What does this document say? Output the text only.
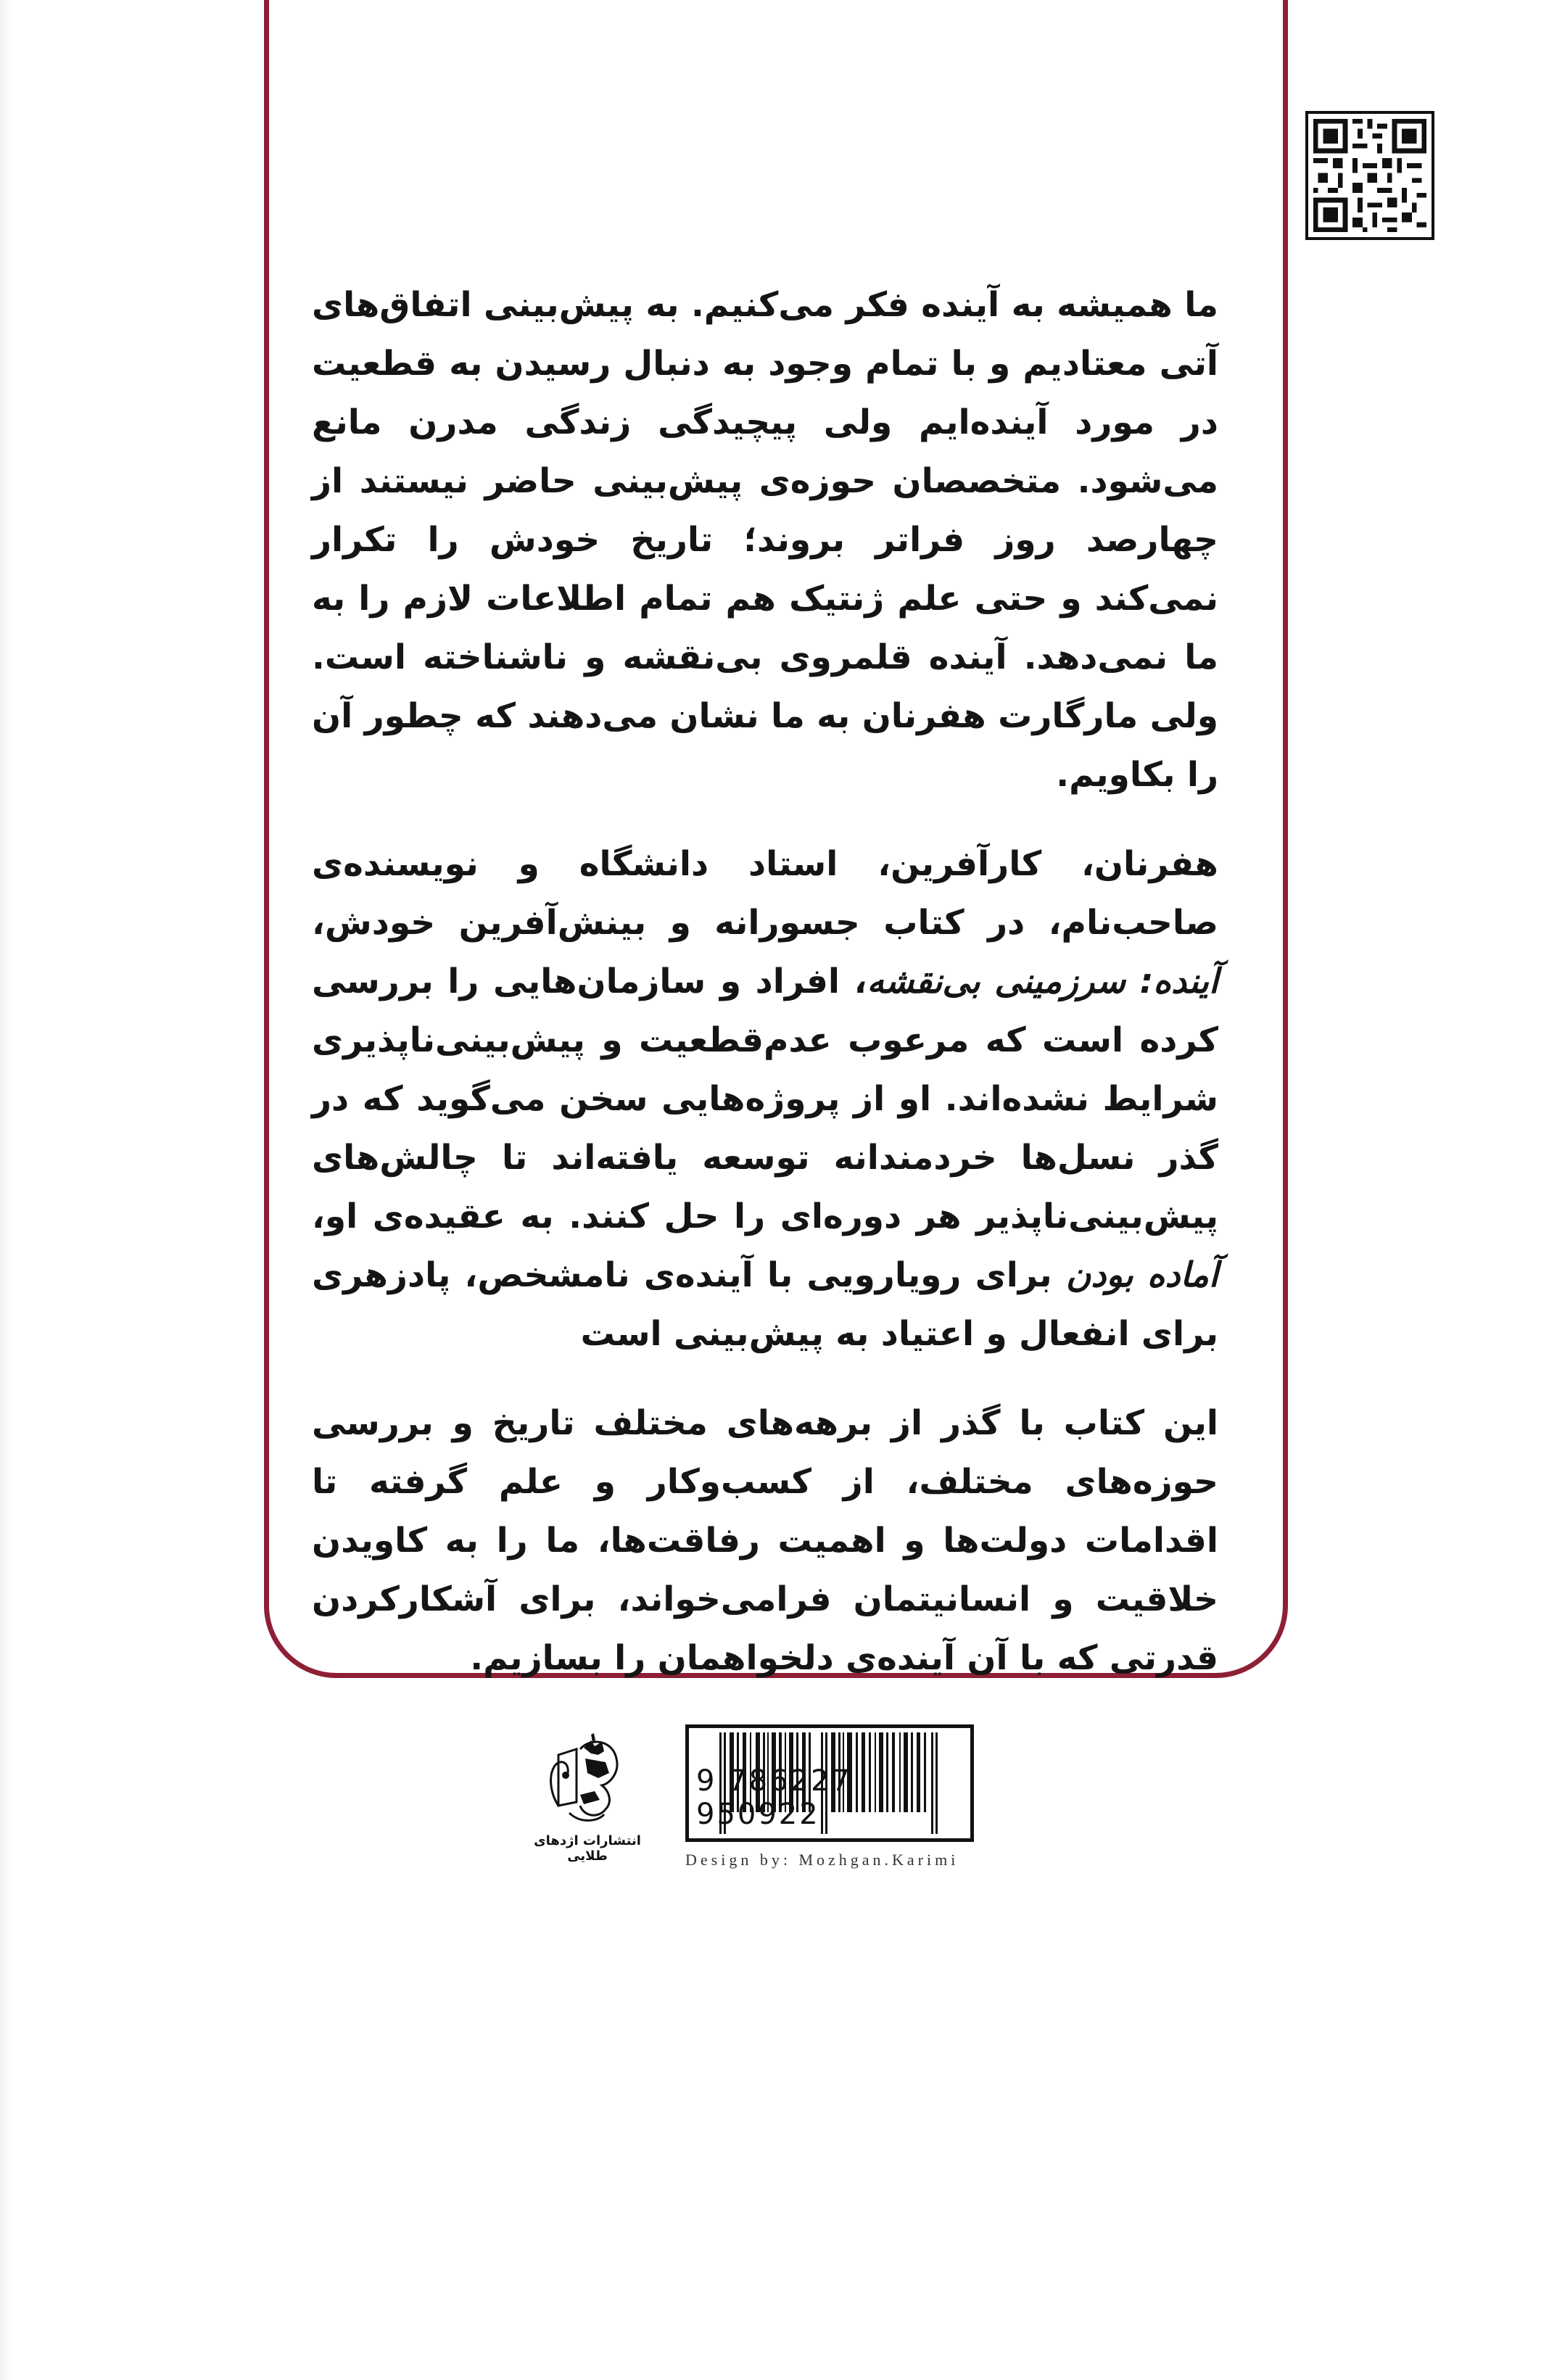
ما همیشه به آینده فکر می‌کنیم. به پیش‌بینی اتفاق‌های آتی معتادیم و با تمام وجود به دنبال رسیدن به قطعیت در مورد آینده‌ایم ولی پیچیدگی زندگی مدرن مانع می‌شود. متخصصان حوزه‌ی پیش‌بینی حاضر نیستند از چهارصد روز فراتر بروند؛ تاریخ خودش را تکرار نمی‌کند و حتی علم ژنتیک هم تمام اطلاعات لازم را به ما نمی‌دهد. آینده قلمروی بی‌نقشه و ناشناخته است. ولی مارگارت هفرنان به ما نشان می‌دهند که چطور آن را بکاویم.

هفرنان، کارآفرین، استاد دانشگاه و نویسنده‌ی صاحب‌نام، در کتاب جسورانه و بینش‌آفرین خودش، آینده: سرزمینی بی‌نقشه، افراد و سازمان‌هایی را بررسی کرده است که مرعوب عدم‌قطعیت و پیش‌بینی‌ناپذیری شرایط نشده‌اند. او از پروژه‌هایی سخن می‌گوید که در گذر نسل‌ها خردمندانه توسعه یافته‌اند تا چالش‌های پیش‌بینی‌ناپذیر هر دوره‌ای را حل کنند. به عقیده‌ی او، آماده بودن برای رویارویی با آینده‌ی نامشخص، پادزهری برای انفعال و اعتیاد به پیش‌بینی است

این کتاب با گذر از برهه‌های مختلف تاریخ و بررسی حوزه‌های مختلف، از کسب‌وکار و علم گرفته تا اقدامات دولت‌ها و اهمیت رفاقت‌ها، ما را به کاویدن خلاقیت و انسانیتمان فرامی‌خواند، برای آشکارکردن قدرتی که با آن آینده‌ی دلخواهمان را بسازیم.

انتشارات اژدهای طلایی
9 786227 950922
Design by: Mozhgan.Karimi
